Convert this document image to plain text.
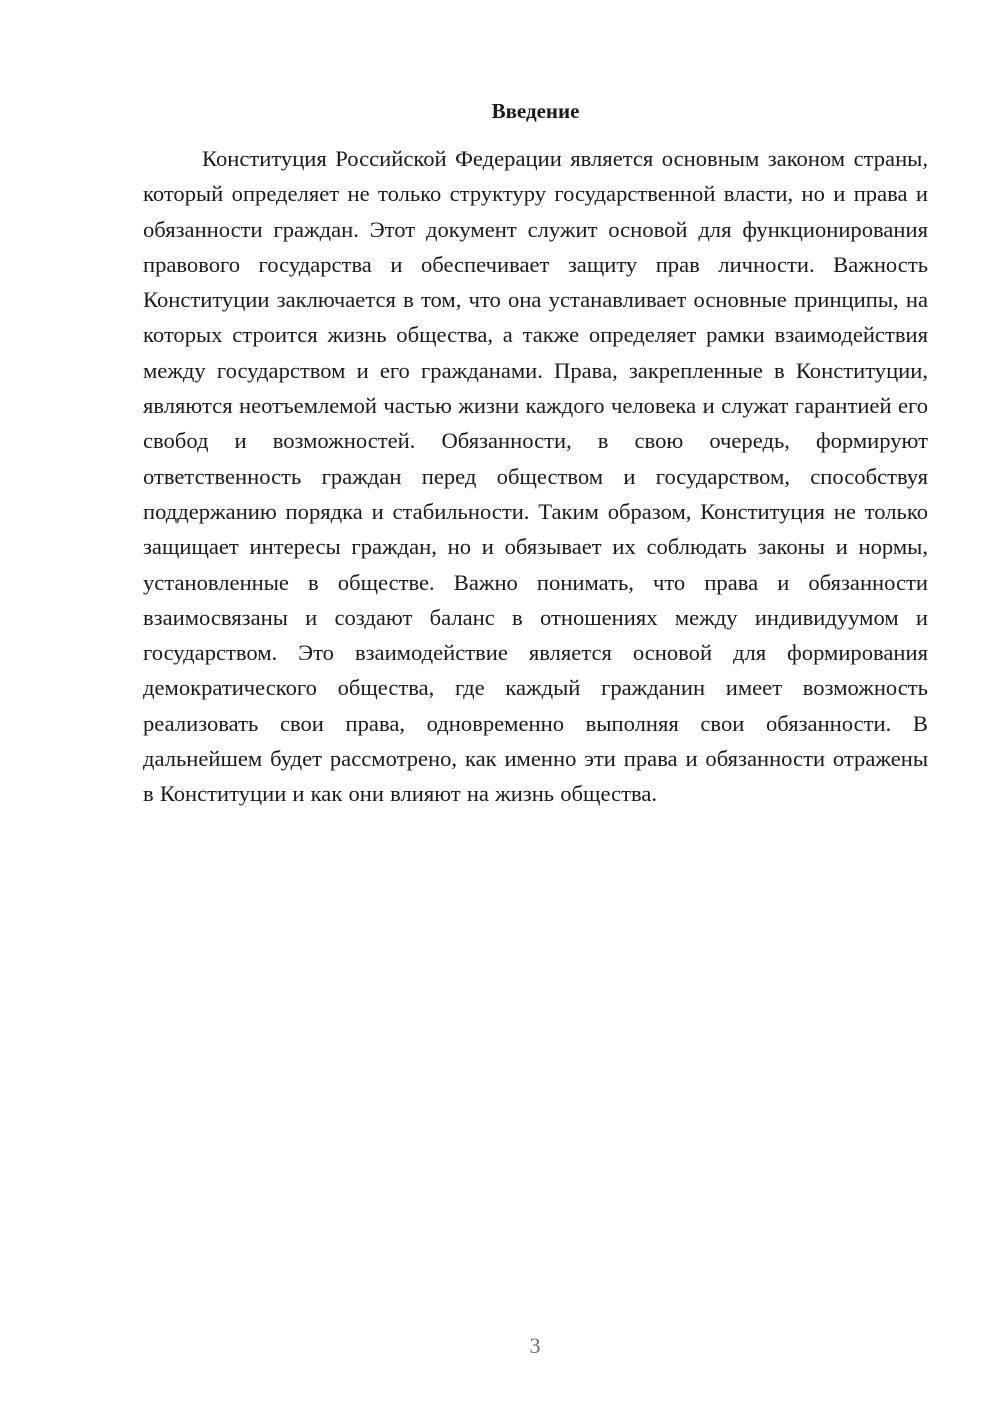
Введение

Конституция Российской Федерации является основным законом страны, который определяет не только структуру государственной власти, но и права и обязанности граждан. Этот документ служит основой для функционирования правового государства и обеспечивает защиту прав личности. Важность Конституции заключается в том, что она устанавливает основные принципы, на которых строится жизнь общества, а также определяет рамки взаимодействия между государством и его гражданами. Права, закрепленные в Конституции, являются неотъемлемой частью жизни каждого человека и служат гарантией его свобод и возможностей. Обязанности, в свою очередь, формируют ответственность граждан перед обществом и государством, способствуя поддержанию порядка и стабильности. Таким образом, Конституция не только защищает интересы граждан, но и обязывает их соблюдать законы и нормы, установленные в обществе. Важно понимать, что права и обязанности взаимосвязаны и создают баланс в отношениях между индивидуумом и государством. Это взаимодействие является основой для формирования демократического общества, где каждый гражданин имеет возможность реализовать свои права, одновременно выполняя свои обязанности. В дальнейшем будет рассмотрено, как именно эти права и обязанности отражены в Конституции и как они влияют на жизнь общества.

3
